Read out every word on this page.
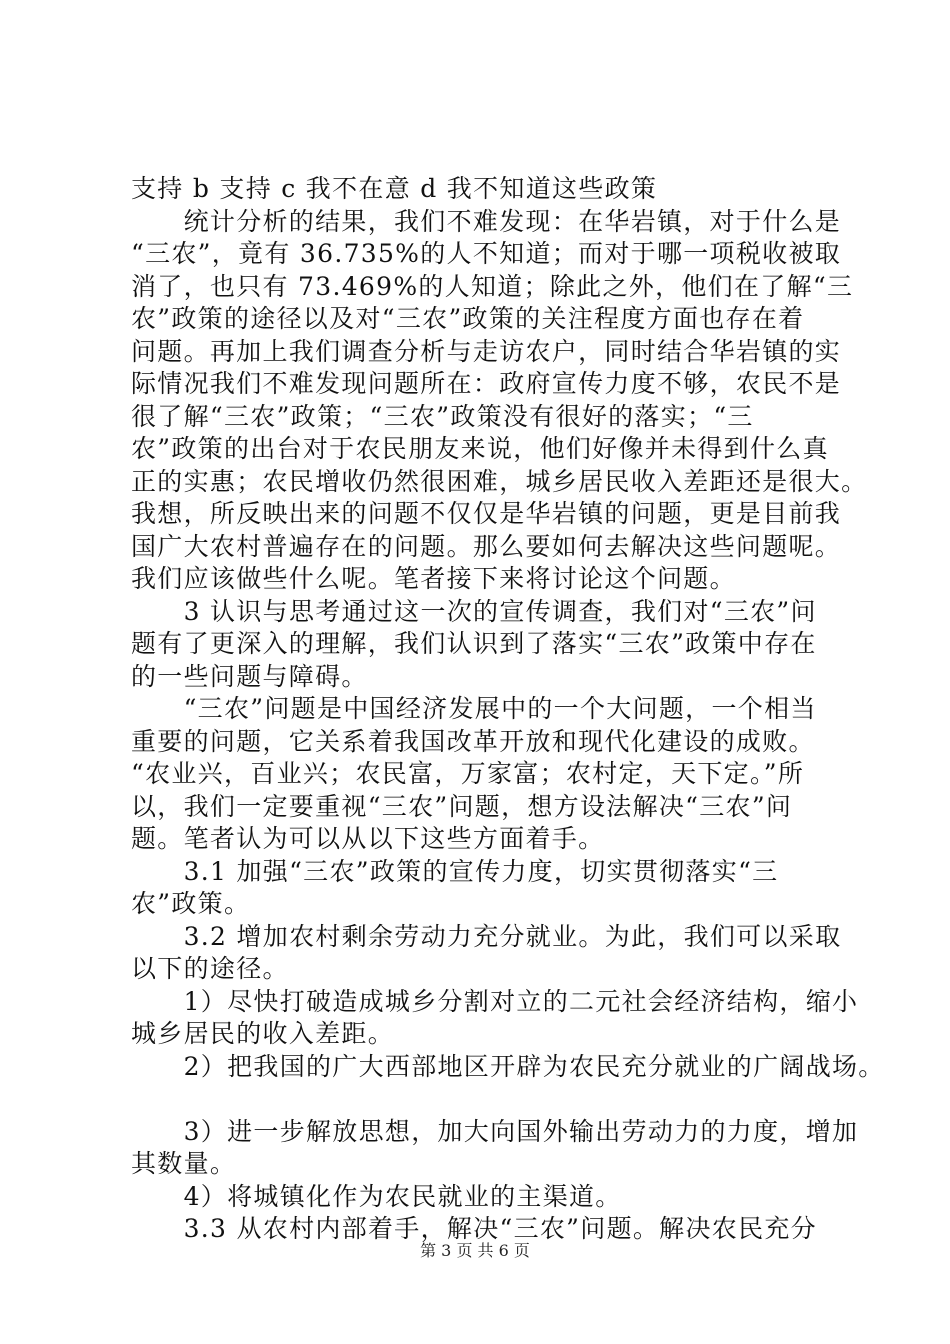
支持 b 支持 c 我不在意 d 我不知道这些政策
　　统计分析的结果，我们不难发现：在华岩镇，对于什么是
“三农”，竟有 36.735%的人不知道；而对于哪一项税收被取
消了，也只有 73.469%的人知道；除此之外，他们在了解“三
农”政策的途径以及对“三农”政策的关注程度方面也存在着
问题。再加上我们调查分析与走访农户，同时结合华岩镇的实
际情况我们不难发现问题所在：政府宣传力度不够，农民不是
很了解“三农”政策；“三农”政策没有很好的落实；“三
农”政策的出台对于农民朋友来说，他们好像并未得到什么真
正的实惠；农民增收仍然很困难，城乡居民收入差距还是很大。
我想，所反映出来的问题不仅仅是华岩镇的问题，更是目前我
国广大农村普遍存在的问题。那么要如何去解决这些问题呢。
我们应该做些什么呢。笔者接下来将讨论这个问题。
　　3 认识与思考通过这一次的宣传调查，我们对“三农”问
题有了更深入的理解，我们认识到了落实“三农”政策中存在
的一些问题与障碍。
　　“三农”问题是中国经济发展中的一个大问题，一个相当
重要的问题，它关系着我国改革开放和现代化建设的成败。
“农业兴，百业兴；农民富，万家富；农村定，天下定。”所
以，我们一定要重视“三农”问题，想方设法解决“三农”问
题。笔者认为可以从以下这些方面着手。
　　3.1 加强“三农”政策的宣传力度，切实贯彻落实“三
农”政策。
　　3.2 增加农村剩余劳动力充分就业。为此，我们可以采取
以下的途径。
　　1）尽快打破造成城乡分割对立的二元社会经济结构，缩小
城乡居民的收入差距。
　　2）把我国的广大西部地区开辟为农民充分就业的广阔战场。
　　3）进一步解放思想，加大向国外输出劳动力的力度，增加
其数量。
　　4）将城镇化作为农民就业的主渠道。
　　3.3 从农村内部着手，解决“三农”问题。解决农民充分
第 3 页 共 6 页
